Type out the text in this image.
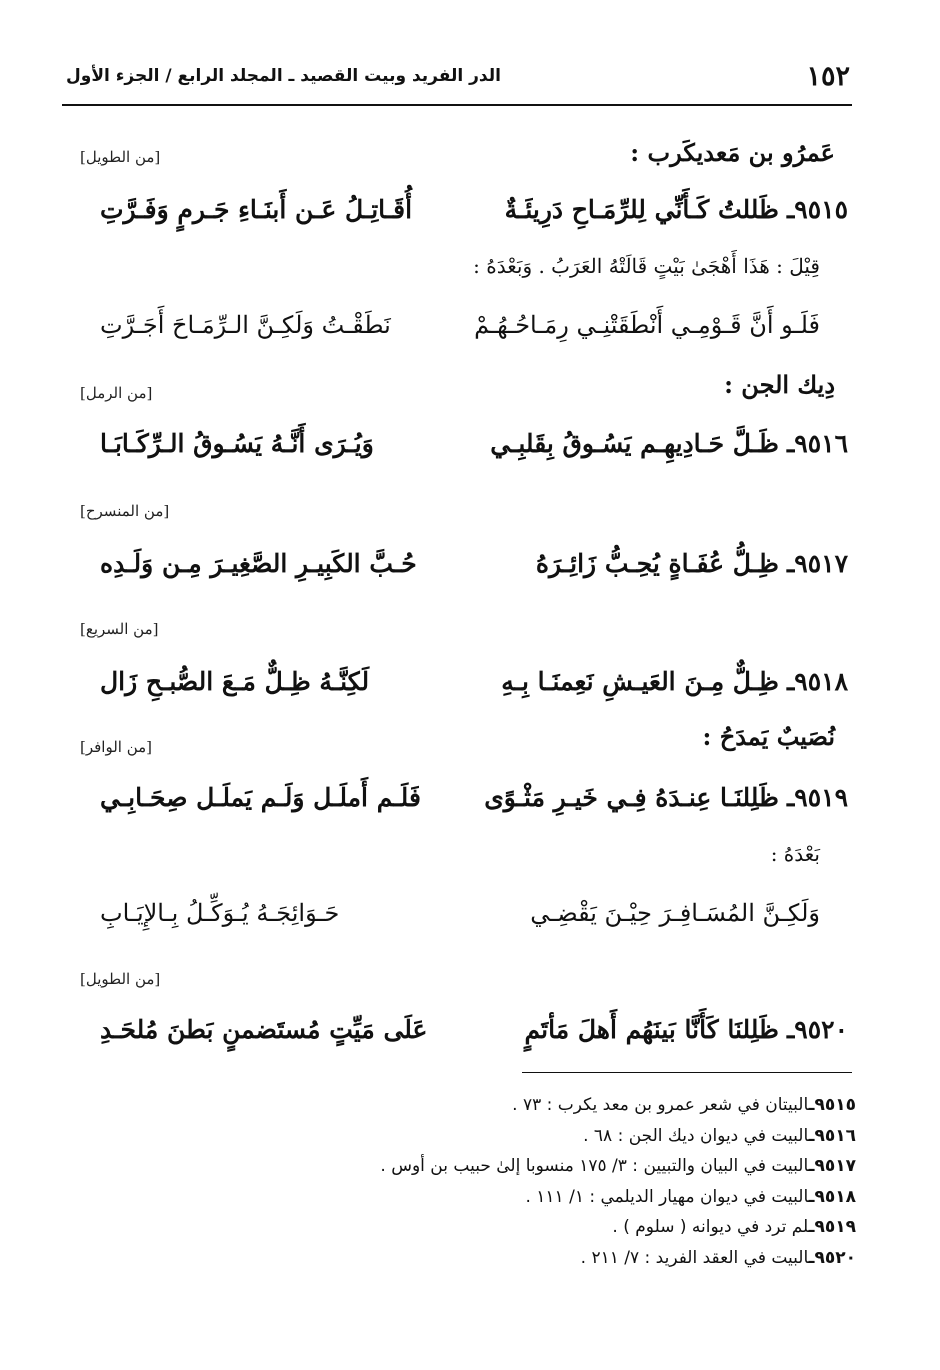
١٥٢
الدر الفريد وبيت القصيد ـ المجلد الرابع / الجزء الأول
عَمرُو بن مَعديكَرب :
[من الطويل]
٩٥١٥ـ
ظَللتُ كَـأَنِّي لِلرِّمَـاحِ دَرِيئَـةٌ
أُقَـاتِـلُ عَـن أَبنَـاءِ جَـرمٍ وَفَـرَّتِ
قِيْلَ : هَذَا أَهْجَىٰ بَيْتٍ قَالَتْهُ العَرَبُ . وَبَعْدَهُ :
فَلَـو أَنَّ قَـوْمِـي أَنْطَقَتْنِـي رِمَـاحُـهُـمْ
نَطَقْـتُ وَلَكِـنَّ الـرِّمَـاحَ أَجَـرَّتِ
دِيك الجن :
[من الرمل]
٩٥١٦ـ
ظَـلَّ حَـادِيهِـم يَسُـوقُ بِقَلبِـي
وَيُـرَى أَنَّـهُ يَسُـوقُ الـرِّكَـابَـا
[من المنسرح]
٩٥١٧ـ
ظِـلُّ عُفَـاةٍ يُحِـبُّ زَائِـرَهُ
حُـبَّ الكَبِيـرِ الصَّغِيـرَ مِـن وَلَـدِه
[من السريع]
٩٥١٨ـ
ظِـلٌّ مِـنَ العَيـشِ نَعِمنَـا بِـهِ
لَكِنَّـهُ ظِـلٌّ مَـعَ الصُّبـحِ زَال
نُصَيبٌ يَمدَحُ :
[من الوافر]
٩٥١٩ـ
ظَلِلنَـا عِنـدَهُ فِـي خَيـرِ مَثْـوًى
فَلَـم أَملَـل وَلَـم يَملَـل صِحَـابِـي
بَعْدَهُ :
وَلَكِـنَّ المُسَـافِـرَ حِيْـنَ يَقْضِـي
حَـوَائِجَـهُ يُـوَكِّـلُ بِـالإِيَـابِ
[من الطويل]
٩٥٢٠ـ
ظَلِلنَا كَأَنَّا بَينَهُم أَهلَ مَأتَمٍ
عَلَى مَيِّتٍ مُستَضمنٍ بَطنَ مُلحَـدِ
٩٥١٥ـالبيتان في شعر عمرو بن معد يكرب : ٧٣ .
٩٥١٦ـالبيت في ديوان ديك الجن : ٦٨ .
٩٥١٧ـالبيت في البيان والتبيين : ٣/ ١٧٥ منسوبا إلىٰ حبيب بن أوس .
٩٥١٨ـالبيت في ديوان مهيار الديلمي : ١/ ١١١ .
٩٥١٩ـلم ترد في ديوانه ( سلوم ) .
٩٥٢٠ـالبيت في العقد الفريد : ٧/ ٢١١ .
